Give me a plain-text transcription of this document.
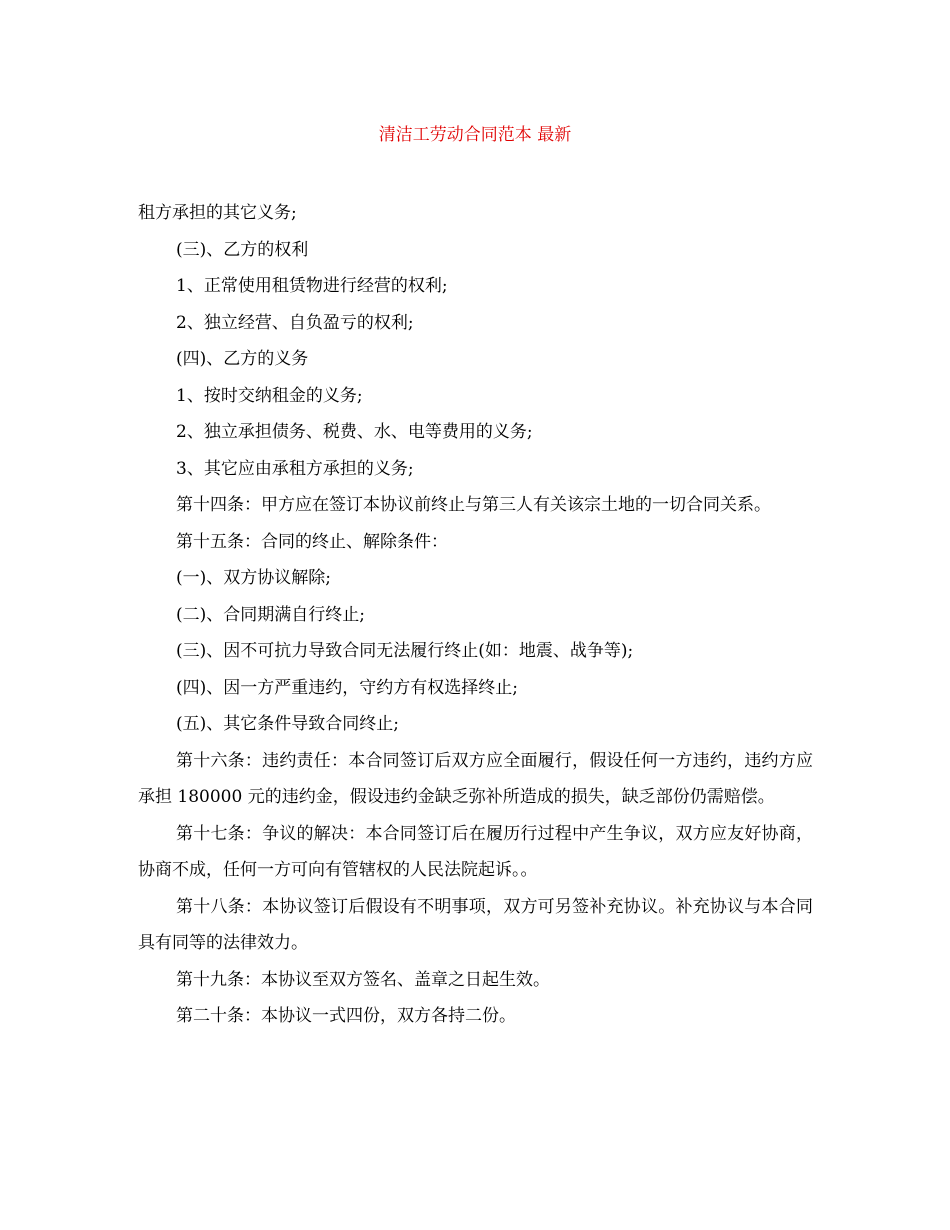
清洁工劳动合同范本 最新

租方承担的其它义务;

(三)、乙方的权利

1、正常使用租赁物进行经营的权利;

2、独立经营、自负盈亏的权利;

(四)、乙方的义务

1、按时交纳租金的义务;

2、独立承担债务、税费、水、电等费用的义务;

3、其它应由承租方承担的义务;

第十四条：甲方应在签订本协议前终止与第三人有关该宗土地的一切合同关系。

第十五条：合同的终止、解除条件：

(一)、双方协议解除;

(二)、合同期满自行终止;

(三)、因不可抗力导致合同无法履行终止(如：地震、战争等);

(四)、因一方严重违约，守约方有权选择终止;

(五)、其它条件导致合同终止;

第十六条：违约责任：本合同签订后双方应全面履行，假设任何一方违约，违约方应承担 180000 元的违约金，假设违约金缺乏弥补所造成的损失，缺乏部份仍需赔偿。

第十七条：争议的解决：本合同签订后在履历行过程中产生争议，双方应友好协商，协商不成，任何一方可向有管辖权的人民法院起诉。。

第十八条：本协议签订后假设有不明事项，双方可另签补充协议。补充协议与本合同具有同等的法律效力。

第十九条：本协议至双方签名、盖章之日起生效。

第二十条：本协议一式四份，双方各持二份。
